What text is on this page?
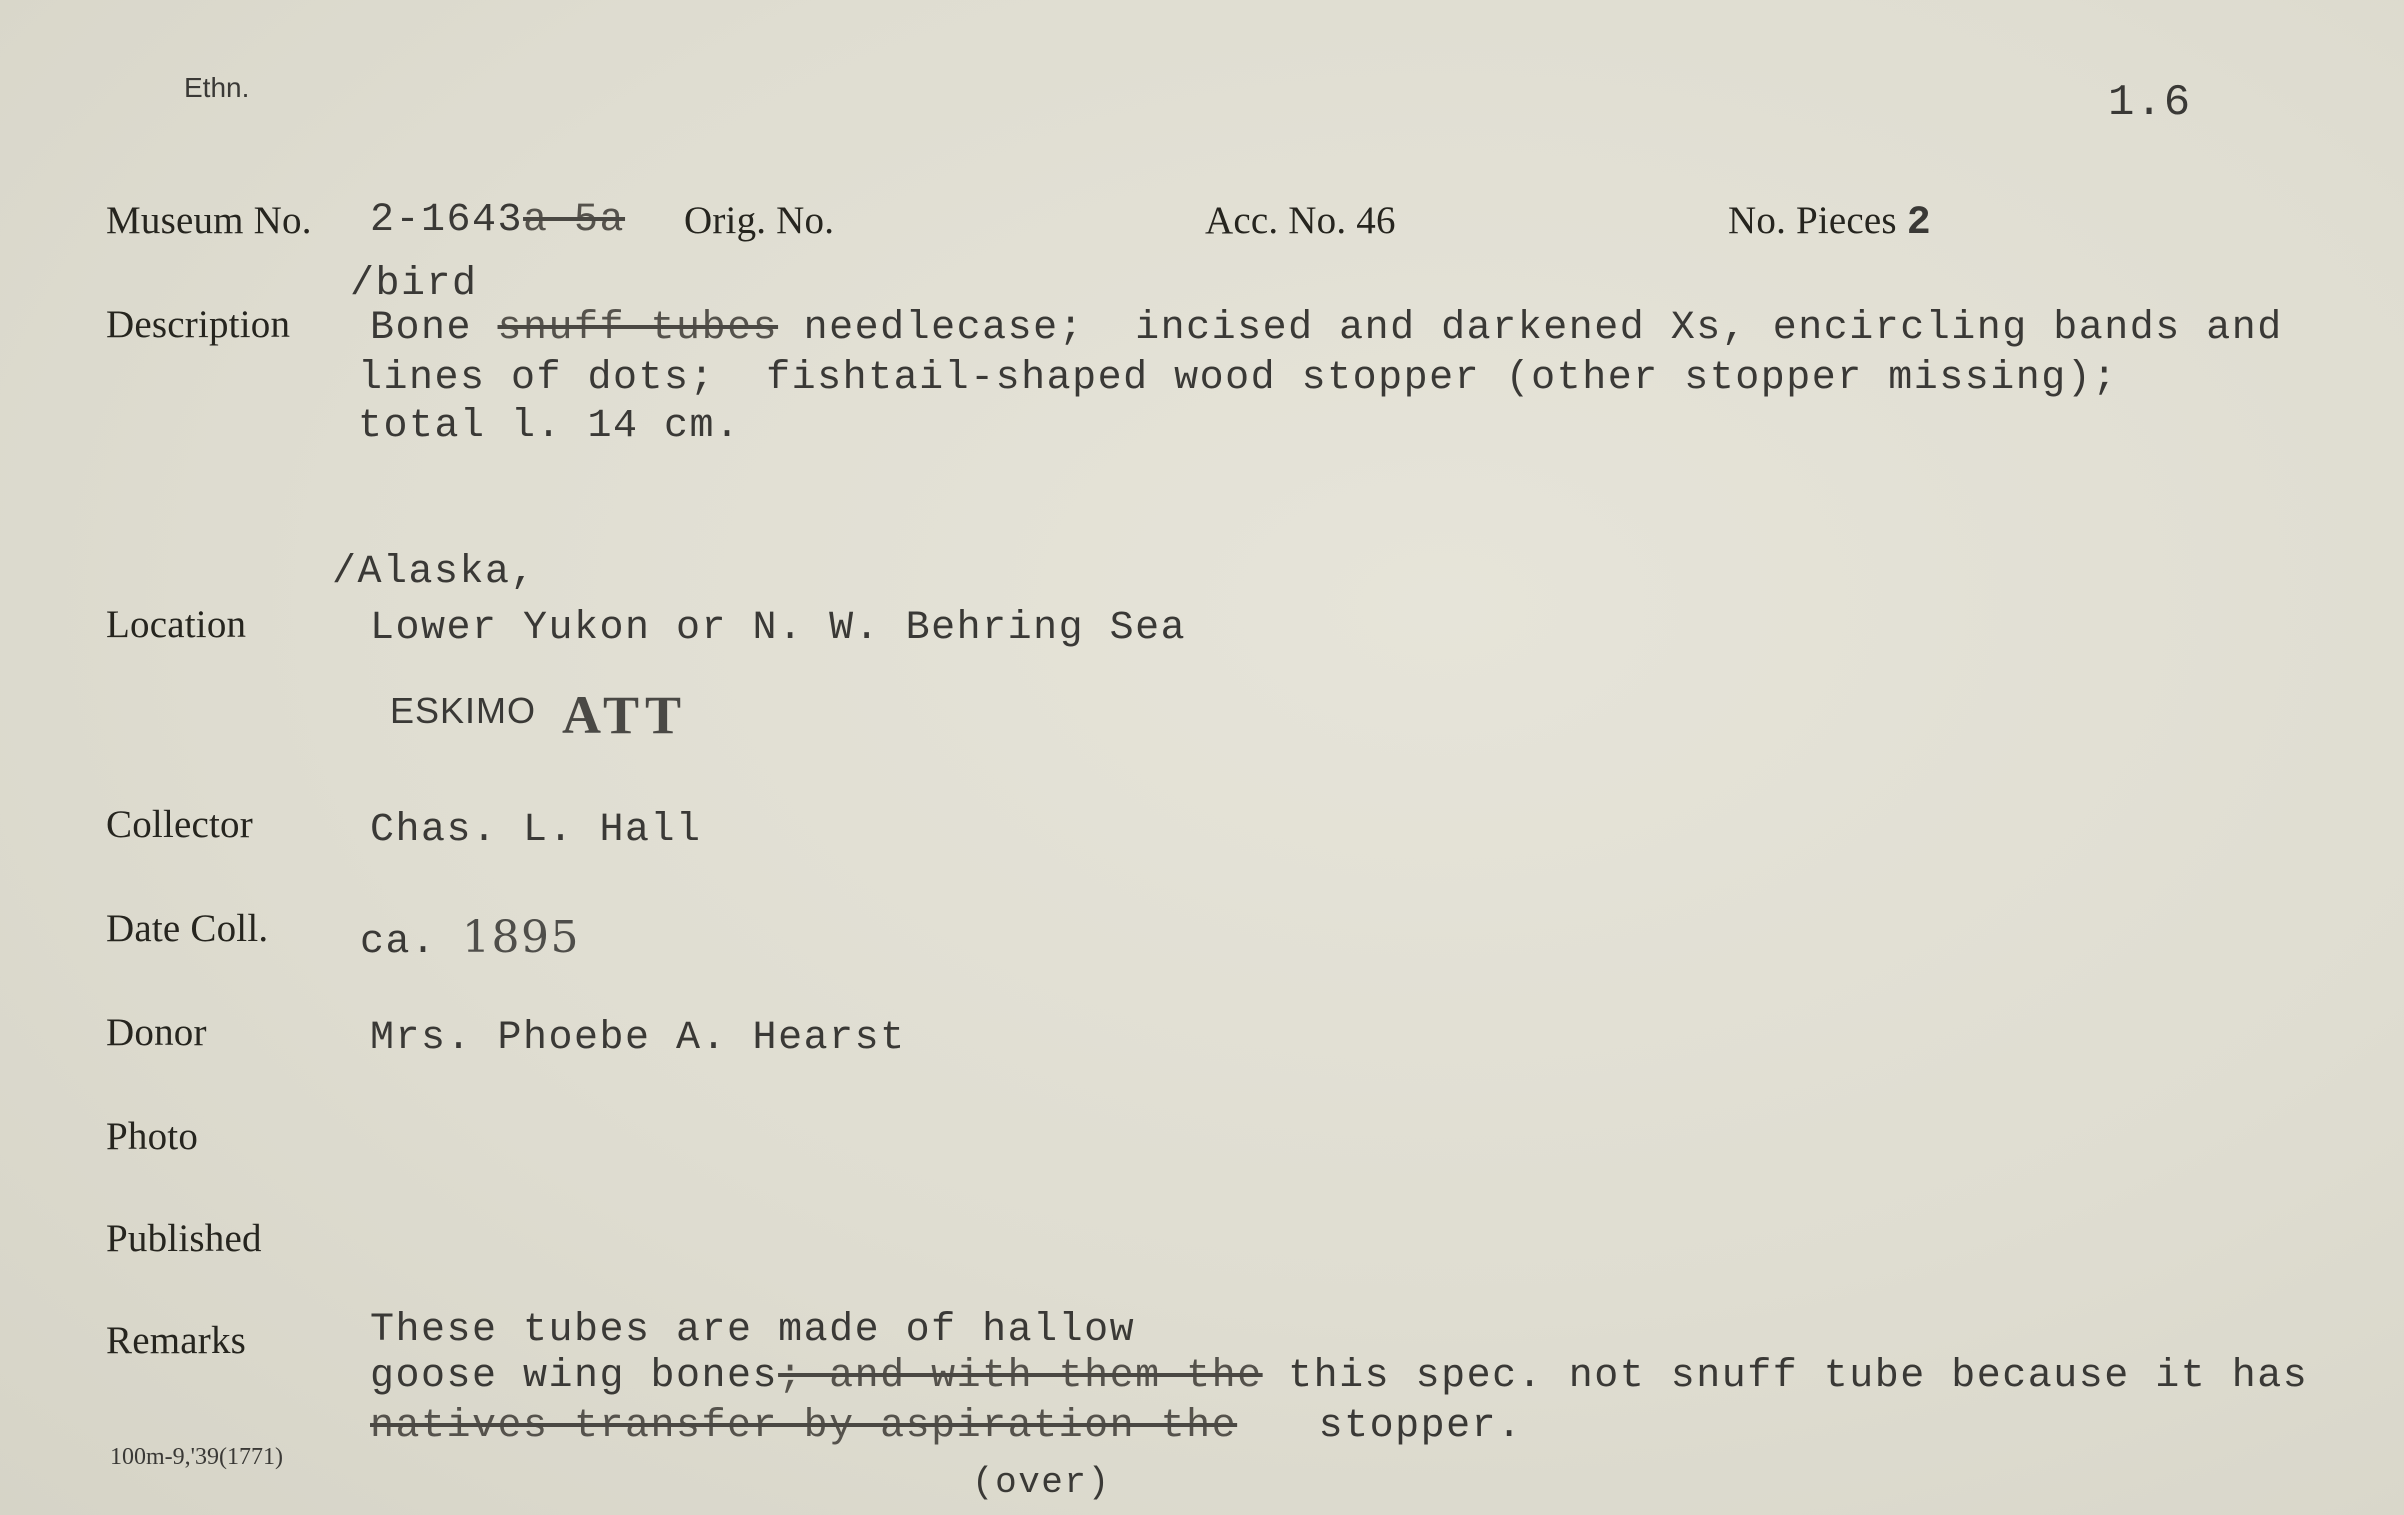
Ethn.	1.6
Museum No. 2-1643a-5a Orig. No.	Acc. No. 46	No. Pieces 2
/bird
Description Bone snuff tubes needlecase;  incised and darkened Xs, encircling bands and
lines of dots;  fishtail-shaped wood stopper (other stopper missing);
total l. 14 cm.
/Alaska,
Location	Lower Yukon or N. W. Behring Sea
ESKIMO ATT
Collector	Chas. L. Hall
Date Coll. ca. 1895
Donor	Mrs. Phoebe A. Hearst
Photo
Published
Remarks	These tubes are made of hallow
goose wing bones; and with them the this spec. not snuff tube because it has
natives transfer by aspiration the stopper.
100m-9,'39(1771)
(over)
